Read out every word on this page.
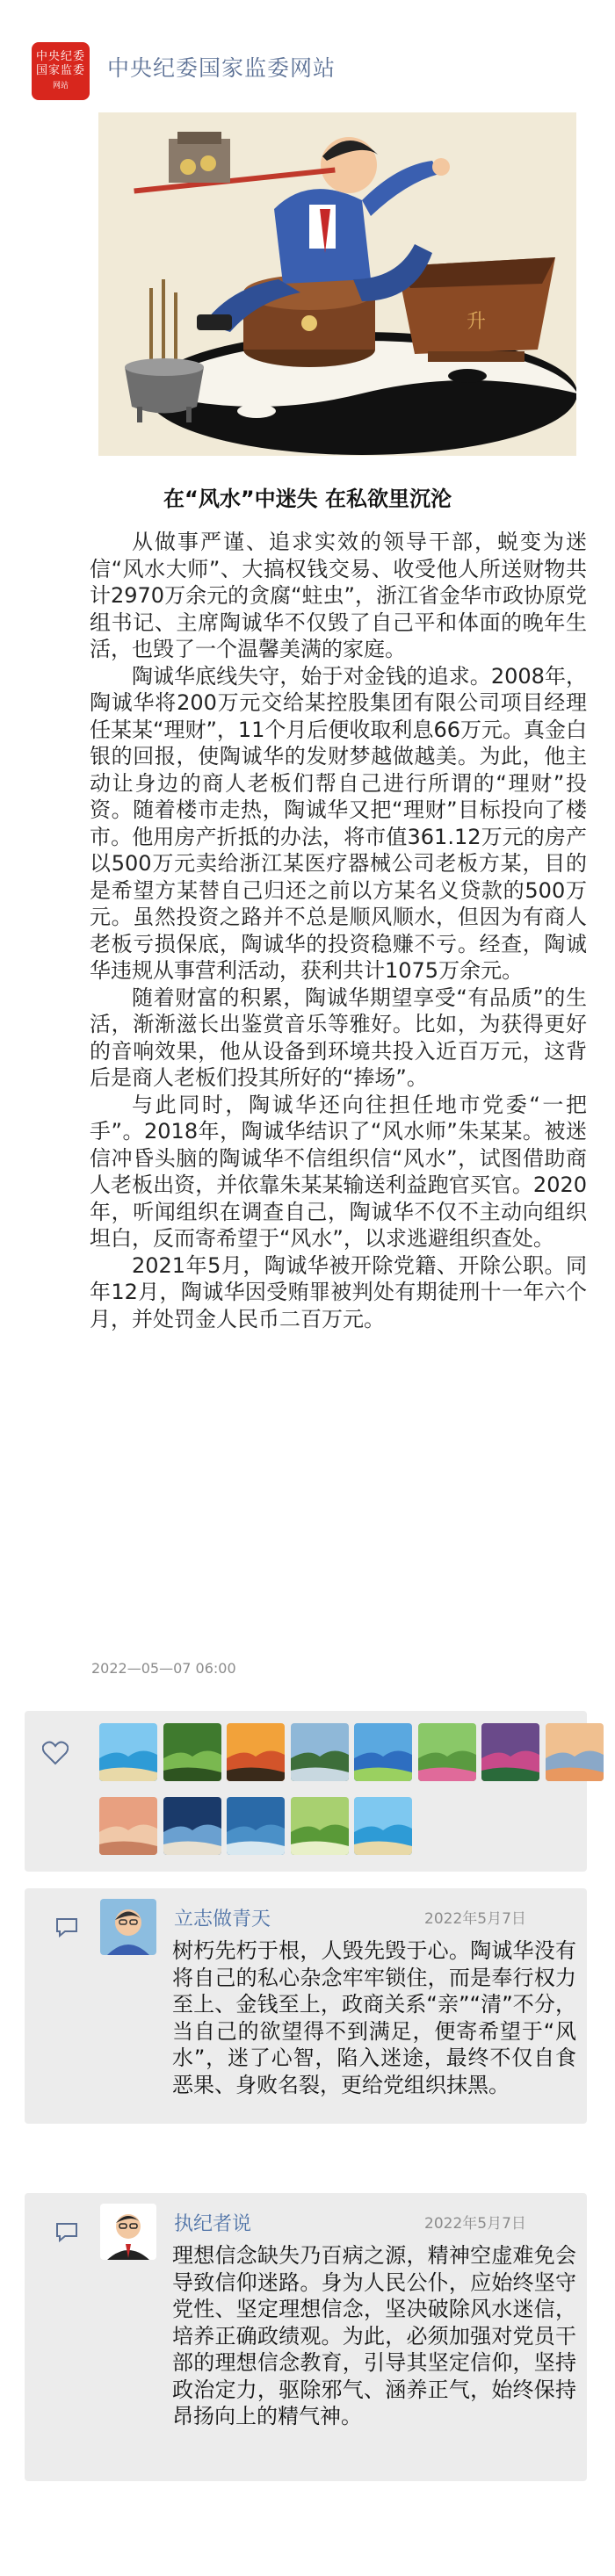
中央纪委
国家监委
网站
中央纪委国家监委网站
升
在“风水”中迷失 在私欲里沉沦

从做事严谨、追求实效的领导干部，蜕变为迷信“风水大师”、大搞权钱交易、收受他人所送财物共计2970万余元的贪腐“蛀虫”，浙江省金华市政协原党组书记、主席陶诚华不仅毁了自己平和体面的晚年生活，也毁了一个温馨美满的家庭。

陶诚华底线失守，始于对金钱的追求。2008年，陶诚华将200万元交给某控股集团有限公司项目经理任某某“理财”，11个月后便收取利息66万元。真金白银的回报，使陶诚华的发财梦越做越美。为此，他主动让身边的商人老板们帮自己进行所谓的“理财”投资。随着楼市走热，陶诚华又把“理财”目标投向了楼市。他用房产折抵的办法，将市值361.12万元的房产以500万元卖给浙江某医疗器械公司老板方某，目的是希望方某替自己归还之前以方某名义贷款的500万元。虽然投资之路并不总是顺风顺水，但因为有商人老板亏损保底，陶诚华的投资稳赚不亏。经查，陶诚华违规从事营利活动，获利共计1075万余元。

随着财富的积累，陶诚华期望享受“有品质”的生活，渐渐滋长出鉴赏音乐等雅好。比如，为获得更好的音响效果，他从设备到环境共投入近百万元，这背后是商人老板们投其所好的“捧场”。

与此同时，陶诚华还向往担任地市党委“一把手”。2018年，陶诚华结识了“风水师”朱某某。被迷信冲昏头脑的陶诚华不信组织信“风水”，试图借助商人老板出资，并依靠朱某某输送利益跑官买官。2020年，听闻组织在调查自己，陶诚华不仅不主动向组织坦白，反而寄希望于“风水”，以求逃避组织查处。

2021年5月，陶诚华被开除党籍、开除公职。同年12月，陶诚华因受贿罪被判处有期徒刑十一年六个月，并处罚金人民币二百万元。

2022—05—07 06:00
立志做青天	2022年5月7日
树朽先朽于根，人毁先毁于心。陶诚华没有将自己的私心杂念牢牢锁住，而是奉行权力至上、金钱至上，政商关系“亲”“清”不分，当自己的欲望得不到满足，便寄希望于“风水”，迷了心智，陷入迷途，最终不仅自食恶果、身败名裂，更给党组织抹黑。
执纪者说	2022年5月7日
理想信念缺失乃百病之源，精神空虚难免会导致信仰迷路。身为人民公仆，应始终坚守党性、坚定理想信念，坚决破除风水迷信，培养正确政绩观。为此，必须加强对党员干部的理想信念教育，引导其坚定信仰，坚持政治定力，驱除邪气、涵养正气，始终保持昂扬向上的精气神。
